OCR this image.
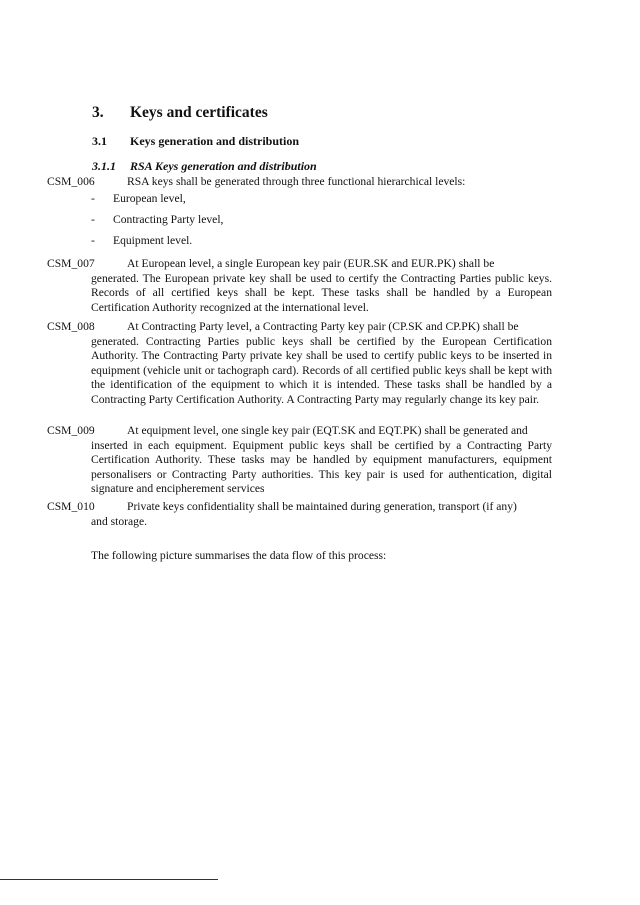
3. Keys and certificates
3.1 Keys generation and distribution
3.1.1 RSA Keys generation and distribution
CSM_006	RSA keys shall be generated through three functional hierarchical levels:
- European level,
- Contracting Party level,
- Equipment level.
CSM_007	At European level, a single European key pair (EUR.SK and EUR.PK) shall be
generated. The European private key shall be used to certify the Contracting Parties public keys. Records of all certified keys shall be kept. These tasks shall be handled by a European Certification Authority recognized at the international level.
CSM_008	At Contracting Party level, a Contracting Party key pair (CP.SK and CP.PK) shall be
generated. Contracting Parties public keys shall be certified by the European Certification Authority. The Contracting Party private key shall be used to certify public keys to be inserted in equipment (vehicle unit or tachograph card). Records of all certified public keys shall be kept with the identification of the equipment to which it is intended. These tasks shall be handled by a Contracting Party Certification Authority. A Contracting Party may regularly change its key pair.
CSM_009	At equipment level, one single key pair (EQT.SK and EQT.PK) shall be generated and
inserted in each equipment. Equipment public keys shall be certified by a Contracting Party Certification Authority. These tasks may be handled by equipment manufacturers, equipment personalisers or Contracting Party authorities. This key pair is used for authentication, digital signature and encipherement services
CSM_010	Private keys confidentiality shall be maintained during generation, transport (if any)
and storage.
The following picture summarises the data flow of this process:
